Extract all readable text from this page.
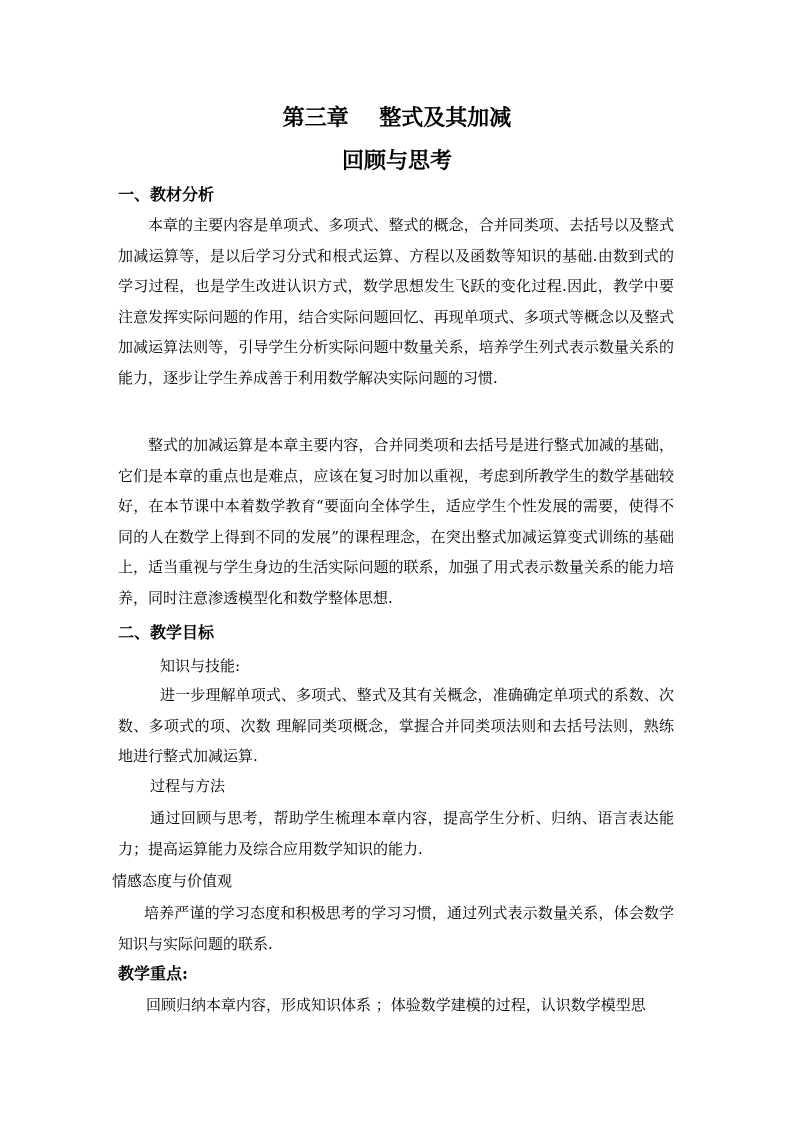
第三章    整式及其加减
回顾与思考
一、教材分析
本章的主要内容是单项式、多项式、整式的概念，合并同类项、去括号以及整式加减运算等，是以后学习分式和根式运算、方程以及函数等知识的基础.由数到式的学习过程，也是学生改进认识方式，数学思想发生飞跃的变化过程.因此，教学中要注意发挥实际问题的作用，结合实际问题回忆、再现单项式、多项式等概念以及整式加减运算法则等，引导学生分析实际问题中数量关系，培养学生列式表示数量关系的能力，逐步让学生养成善于利用数学解决实际问题的习惯.
整式的加减运算是本章主要内容，合并同类项和去括号是进行整式加减的基础，它们是本章的重点也是难点，应该在复习时加以重视，考虑到所教学生的数学基础较好，在本节课中本着数学教育“要面向全体学生，适应学生个性发展的需要，使得不同的人在数学上得到不同的发展”的课程理念，在突出整式加减运算变式训练的基础上，适当重视与学生身边的生活实际问题的联系，加强了用式表示数量关系的能力培养，同时注意渗透模型化和数学整体思想.
二、教学目标
知识与技能:
进一步理解单项式、多项式、整式及其有关概念，准确确定单项式的系数、次数、多项式的项、次数 理解同类项概念，掌握合并同类项法则和去括号法则，熟练地进行整式加减运算.
过程与方法
通过回顾与思考，帮助学生梳理本章内容，提高学生分析、归纳、语言表达能力；提高运算能力及综合应用数学知识的能力.
情感态度与价值观
培养严谨的学习态度和积极思考的学习习惯，通过列式表示数量关系，体会数学知识与实际问题的联系.
教学重点:
回顾归纳本章内容，形成知识体系 ；体验数学建模的过程，认识数学模型思
